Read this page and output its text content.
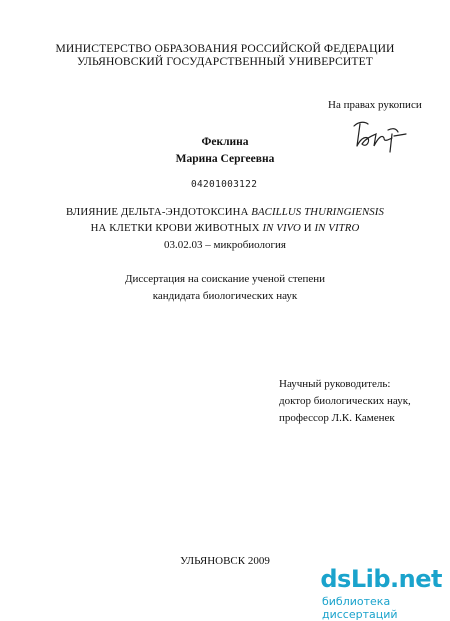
МИНИСТЕРСТВО ОБРАЗОВАНИЯ РОССИЙСКОЙ ФЕДЕРАЦИИ
УЛЬЯНОВСКИЙ ГОСУДАРСТВЕННЫЙ УНИВЕРСИТЕТ
На правах рукописи
Феклина
Марина Сергеевна
04201003122
ВЛИЯНИЕ ДЕЛЬТА-ЭНДОТОКСИНА BACILLUS THURINGIENSIS
НА КЛЕТКИ КРОВИ ЖИВОТНЫХ IN VIVO И IN VITRO
03.02.03 – микробиология
Диссертация на соискание ученой степени
кандидата биологических наук
Научный руководитель:
доктор биологических наук,
профессор Л.К. Каменек
УЛЬЯНОВСК 2009
dsLib.net
библиотека диссертаций
